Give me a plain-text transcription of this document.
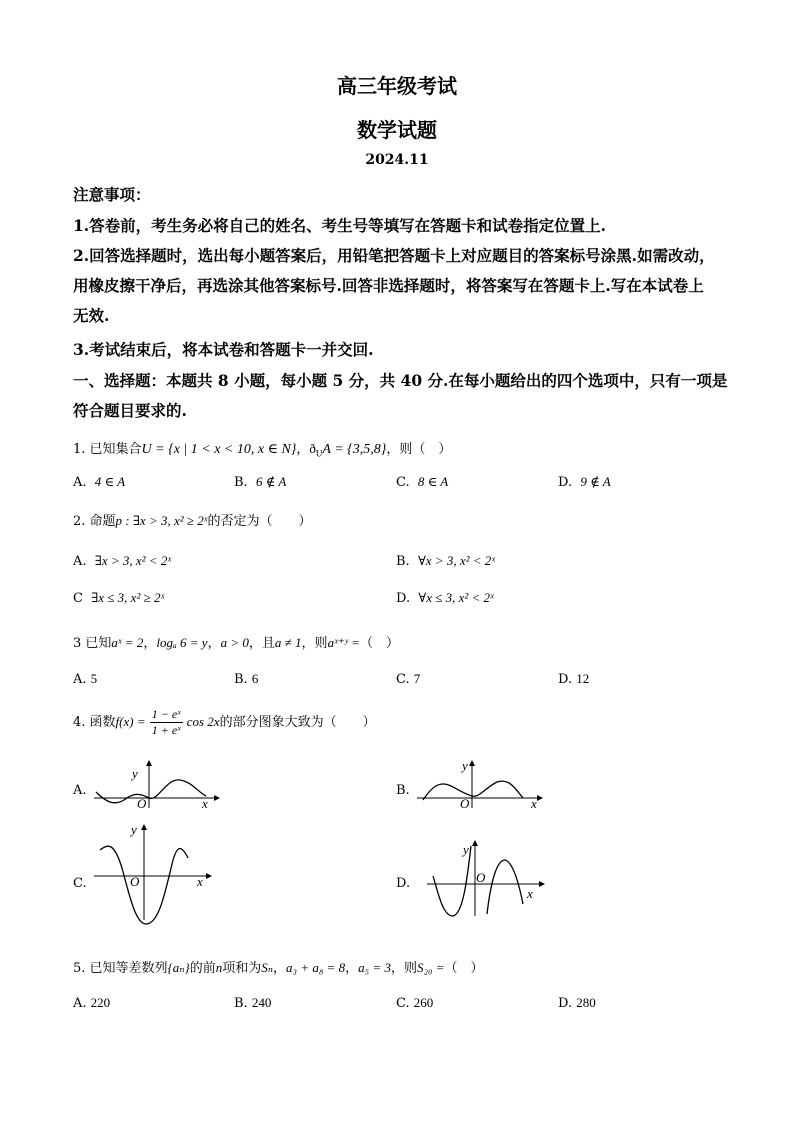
高三年级考试
数学试题
2024.11
注意事项：
1.答卷前，考生务必将自己的姓名、考生号等填写在答题卡和试卷指定位置上.
2.回答选择题时，选出每小题答案后，用铅笔把答题卡上对应题目的答案标号涂黑.如需改动，
用橡皮擦干净后，再选涂其他答案标号.回答非选择题时，将答案写在答题卡上.写在本试卷上
无效.
3.考试结束后，将本试卷和答题卡一并交回.
一、选择题：本题共 8 小题，每小题 5 分，共 40 分.在每小题给出的四个选项中，只有一项是
符合题目要求的.
1. 已知集合U = {x | 1 < x < 10, x ∈ N}，$ð_UA = \{3,5,8\}$，则（　）
A. 4 ∈ A	B. 6 ∉ A	C. 8 ∈ A	D. 9 ∉ A
2. 命题p : ∃x > 3, x² ≥ 2ˣ的否定为（　　）
A. ∃x > 3, x² < 2ˣ	B. ∀x > 3, x² < 2ˣ
C ∃x ≤ 3, x² ≥ 2ˣ	D. ∀x ≤ 3, x² < 2ˣ
3 已知aˣ = 2，logₐ 6 = y，a > 0，且a ≠ 1，则aˣ⁺ʸ =（　）
A. 5	B. 6	C. 7	D. 12
4. 函数$f(x) = \frac{\text{1 − eˣ}}{\text{1 + eˣ}}$ cos 2x的部分图象大致为（　　）
A.
y
O	x
B.
y
O	x
C.
y
O	x	D.
y
O
x
5. 已知等差数列{aₙ}的前n项和为Sₙ，a₃ + a₈ = 8，a₅ = 3，则S₂₀ =（　）
A. 220	B. 240	C. 260	D. 280
